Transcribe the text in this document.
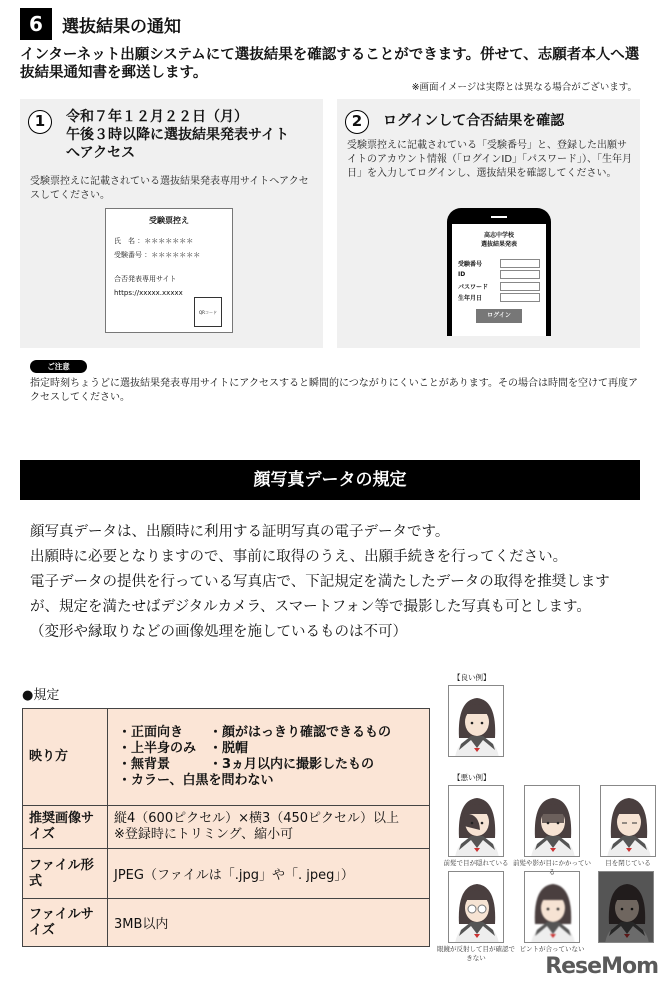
6	選抜結果の通知
インターネット出願システムにて選抜結果を確認することができます。併せて、志願者本人へ選抜結果通知書を郵送します。
※画面イメージは実際とは異なる場合がございます。
1	令和７年１２月２２日（月）
午後３時以降に選抜結果発表サイト
へアクセス
受験票控えに記載されている選抜結果発表専用サイトへアクセスしてください。
受験票控え
氏　名 ：＊＊＊＊＊＊＊
受験番号 ：＊＊＊＊＊＊＊
合否発表専用サイト
https://xxxxx.xxxxx
QRコード
2	ログインして合否結果を確認
受験票控えに記載されている「受験番号」と、登録した出願サイトのアカウント情報（「ログインID」「パスワード」）、「生年月日」を入力してログインし、選抜結果を確認してください。
高志中学校
選抜結果発表
受験番号
ID
パスワード
生年月日
ログイン
ご注意
指定時刻ちょうどに選抜結果発表専用サイトにアクセスすると瞬間的につながりにくいことがあります。その場合は時間を空けて再度アクセスしてください。
顔写真データの規定
顔写真データは、出願時に利用する証明写真の電子データです。
出願時に必要となりますので、事前に取得のうえ、出願手続きを行ってください。
電子データの提供を行っている写真店で、下記規定を満たしたデータの取得を推奨します
が、規定を満たせばデジタルカメラ、スマートフォン等で撮影した写真も可とします。
（変形や縁取りなどの画像処理を施しているものは不可）
●規定
映り方	・正面向き　　・顔がはっきり確認できるもの
・上半身のみ　・脱帽
・無背景　　　・3ヵ月以内に撮影したもの
・カラー、白黒を問わない

推奨画像サイズ	縦4（600ピクセル）×横3（450ピクセル）以上
※登録時にトリミング、縮小可

ファイル形式	JPEG（ファイルは「.jpg」や「. jpeg」）

ファイルサイズ	3MB以内
【良い例】
【悪い例】
前髪で目が隠れている 前髪や影が目にかかっている
目を閉じている
眼鏡が反射して目が確認できない
ピントが合っていない
ReseMom
